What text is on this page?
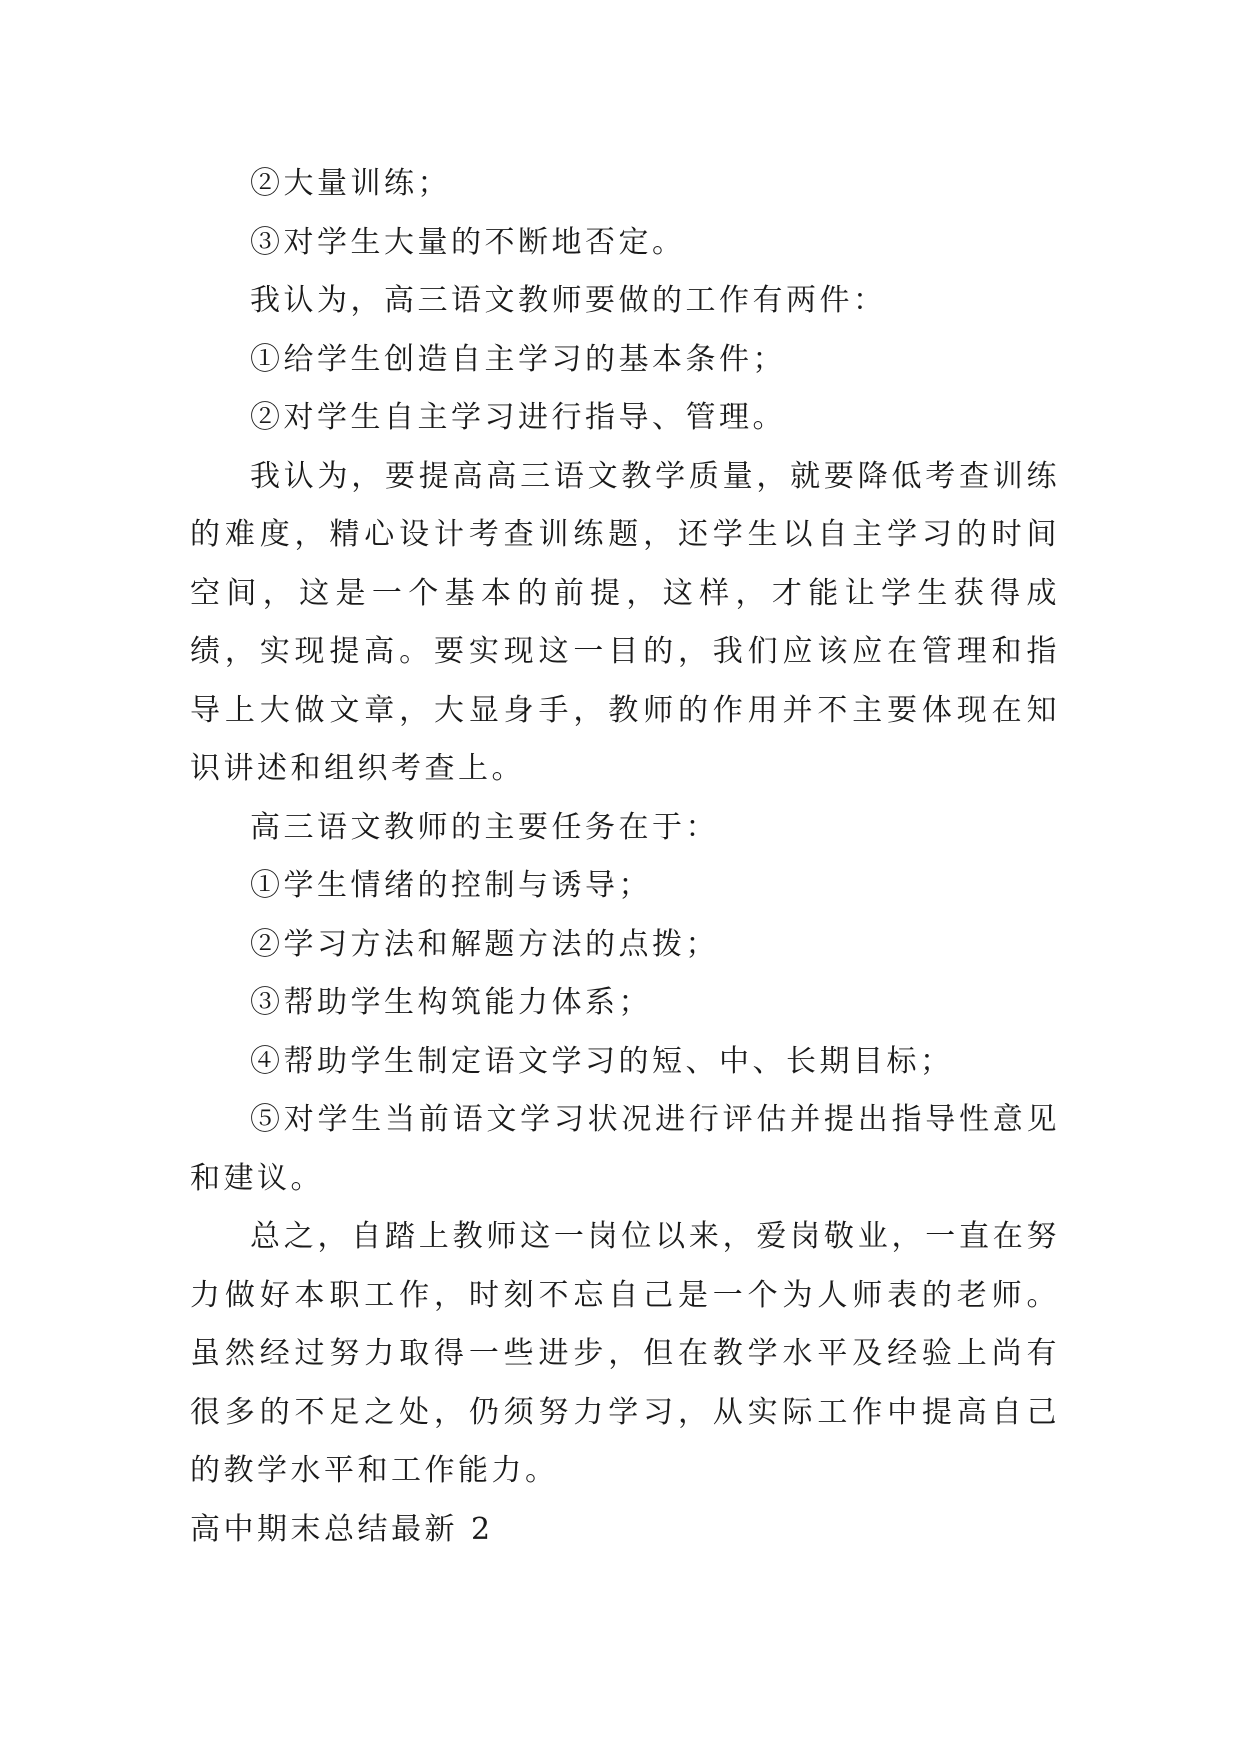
②大量训练；

③对学生大量的不断地否定。

我认为，高三语文教师要做的工作有两件：

①给学生创造自主学习的基本条件；

②对学生自主学习进行指导、管理。

我认为，要提高高三语文教学质量，就要降低考查训练的难度，精心设计考查训练题，还学生以自主学习的时间空间，这是一个基本的前提，这样，才能让学生获得成绩，实现提高。要实现这一目的，我们应该应在管理和指导上大做文章，大显身手，教师的作用并不主要体现在知识讲述和组织考查上。

高三语文教师的主要任务在于：

①学生情绪的控制与诱导；

②学习方法和解题方法的点拨；

③帮助学生构筑能力体系；

④帮助学生制定语文学习的短、中、长期目标；

⑤对学生当前语文学习状况进行评估并提出指导性意见和建议。

总之，自踏上教师这一岗位以来，爱岗敬业，一直在努力做好本职工作，时刻不忘自己是一个为人师表的老师。虽然经过努力取得一些进步，但在教学水平及经验上尚有很多的不足之处，仍须努力学习，从实际工作中提高自己的教学水平和工作能力。

高中期末总结最新 2
